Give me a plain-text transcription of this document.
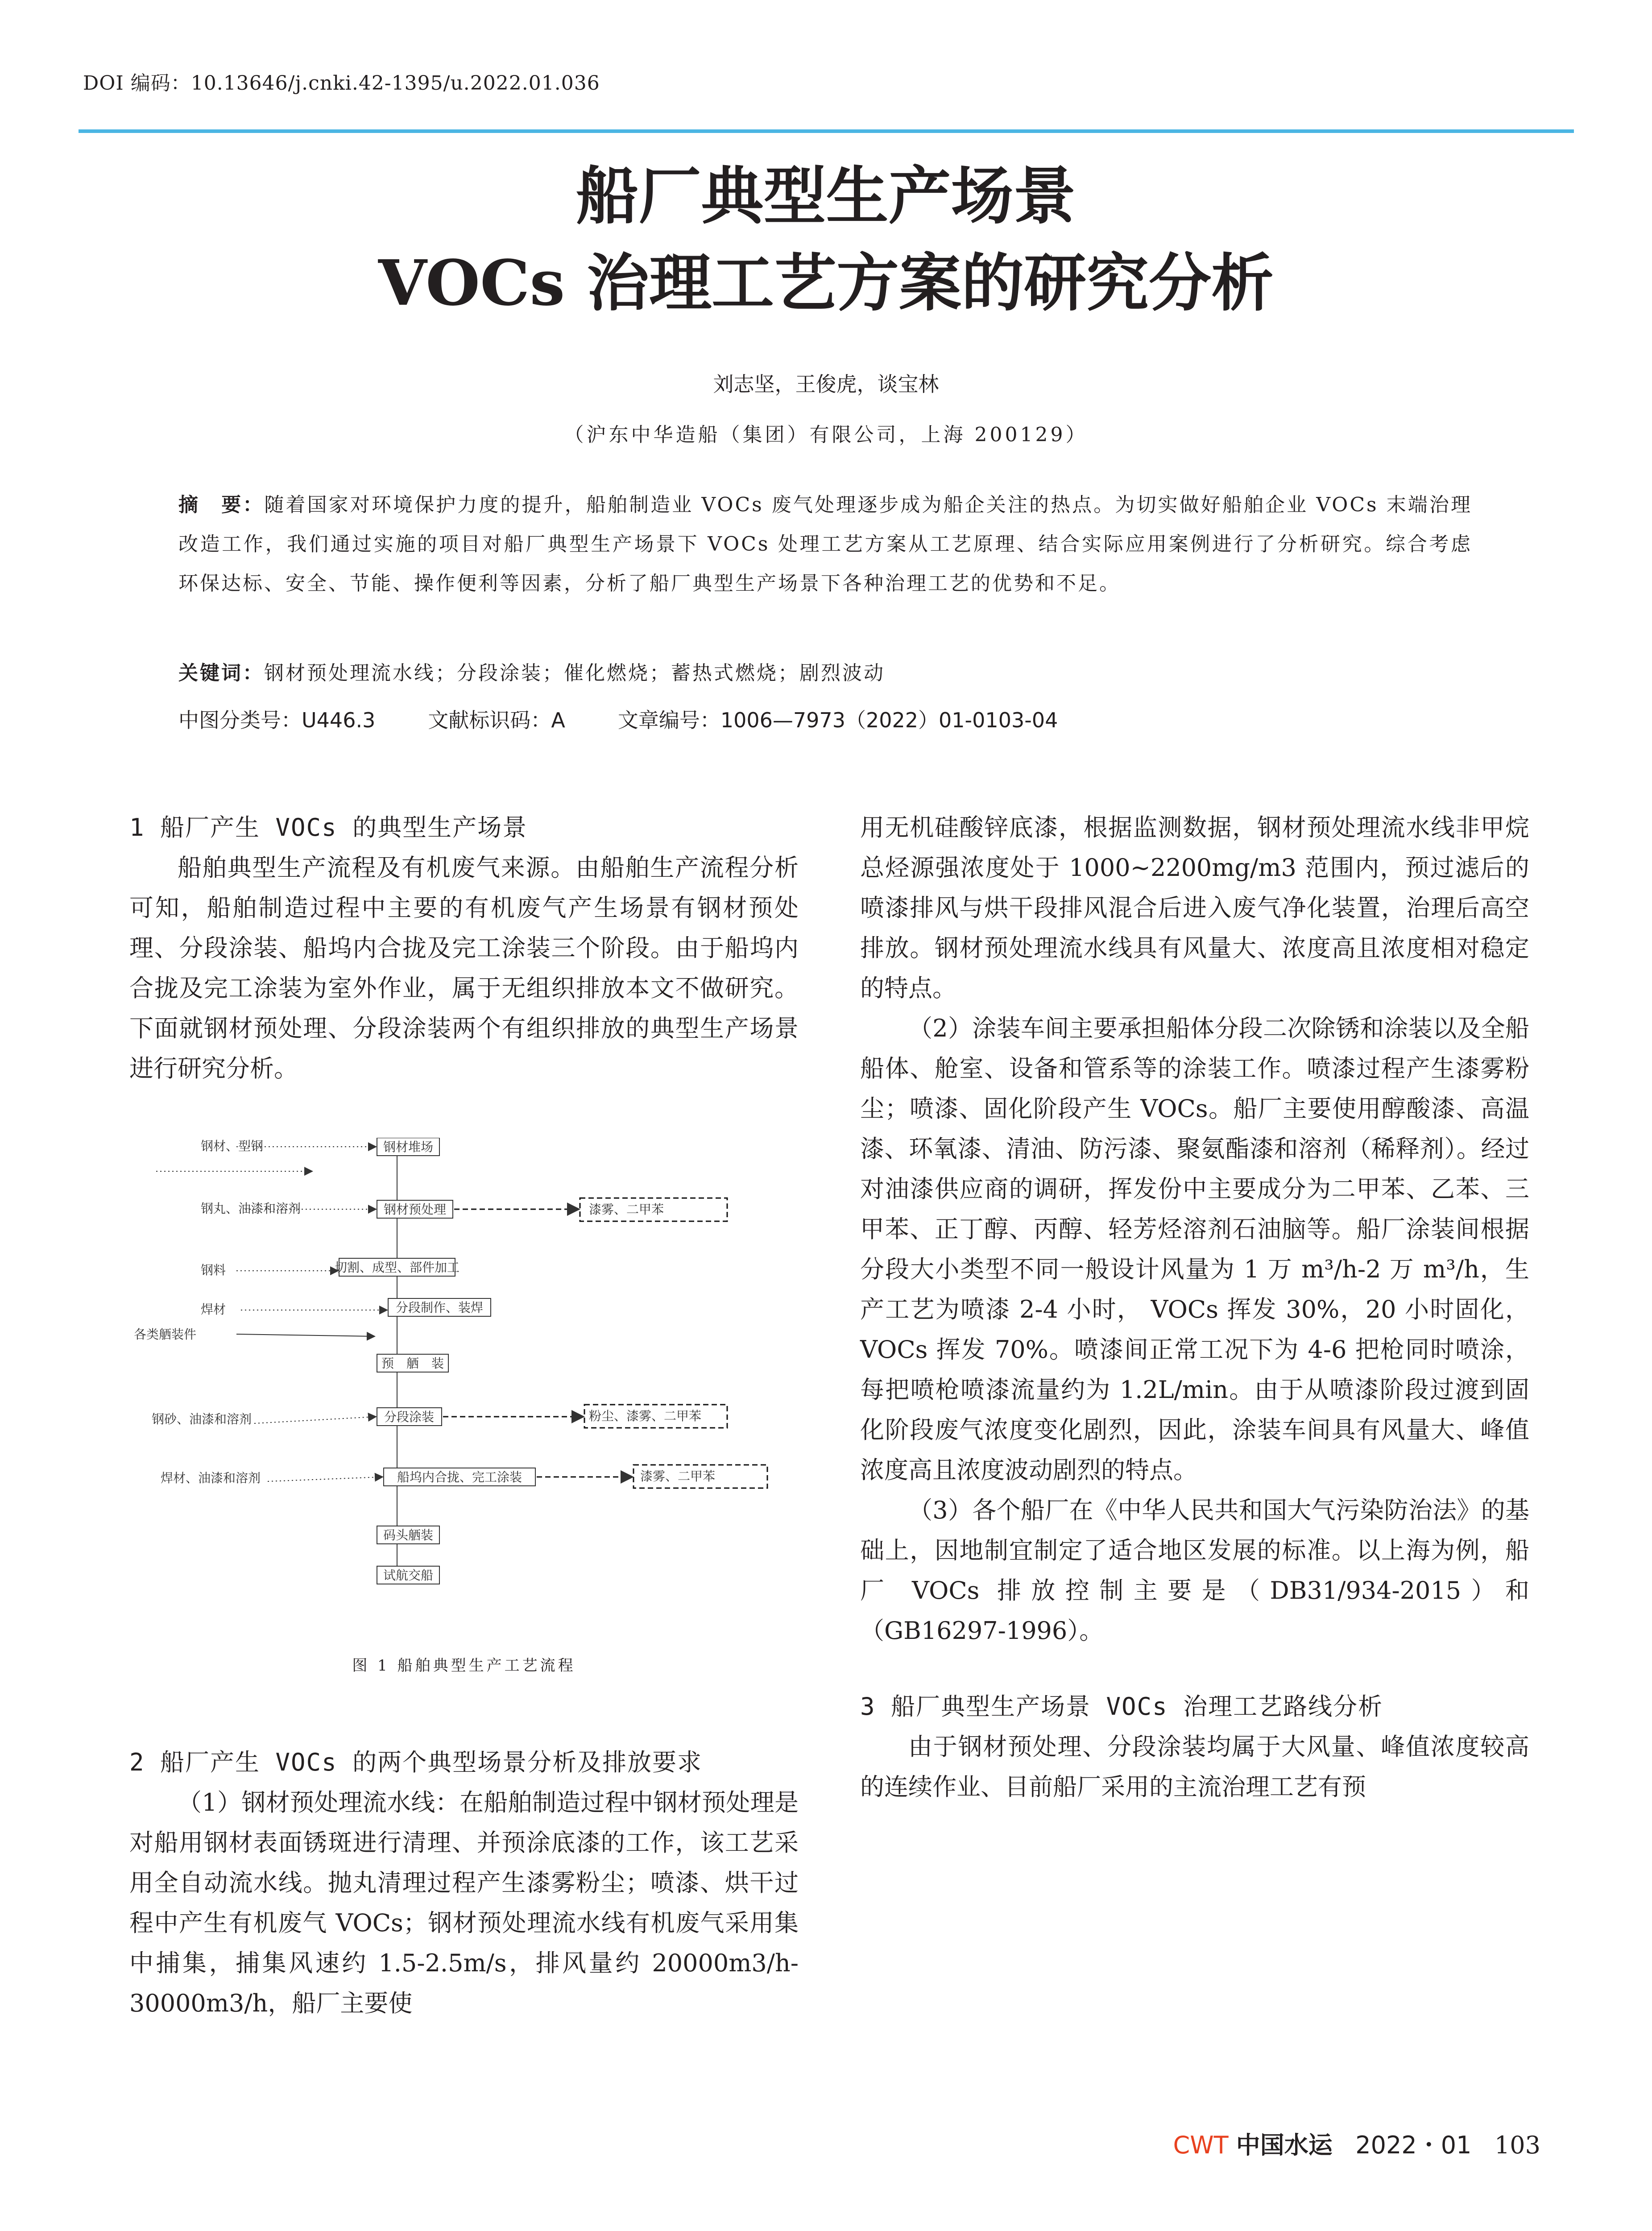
DOI 编码：10.13646/j.cnki.42-1395/u.2022.01.036
船厂典型生产场景
VOCs 治理工艺方案的研究分析
刘志坚，王俊虎，谈宝林
（沪东中华造船（集团）有限公司，上海 200129）
摘　要：随着国家对环境保护力度的提升，船舶制造业 VOCs 废气处理逐步成为船企关注的热点。为切实做好船舶企业 VOCs 末端治理改造工作，我们通过实施的项目对船厂典型生产场景下 VOCs 处理工艺方案从工艺原理、结合实际应用案例进行了分析研究。综合考虑环保达标、安全、节能、操作便利等因素，分析了船厂典型生产场景下各种治理工艺的优势和不足。
关键词：钢材预处理流水线；分段涂装；催化燃烧；蓄热式燃烧；剧烈波动
中图分类号：U446.3	文献标识码：A	文章编号：1006—7973（2022）01-0103-04
1 船厂产生 VOCs 的典型生产场景

船舶典型生产流程及有机废气来源。由船舶生产流程分析可知，船舶制造过程中主要的有机废气产生场景有钢材预处理、分段涂装、船坞内合拢及完工涂装三个阶段。由于船坞内合拢及完工涂装为室外作业，属于无组织排放本文不做研究。下面就钢材预处理、分段涂装两个有组织排放的典型生产场景进行研究分析。

钢材、型钢
钢丸、油漆和溶剂
钢料
焊材
各类舾装件
钢砂、油漆和溶剂
焊材、油漆和溶剂
钢材堆场
钢材预处理
切割、成型、部件加工
分段制作、装焊
预　舾　装
分段涂装
船坞内合拢、完工涂装
码头舾装
试航交船
漆雾、二甲苯
粉尘、漆雾、二甲苯
漆雾、二甲苯
图 1 船舶典型生产工艺流程
2 船厂产生 VOCs 的两个典型场景分析及排放要求

（1）钢材预处理流水线：在船舶制造过程中钢材预处理是对船用钢材表面锈斑进行清理、并预涂底漆的工作，该工艺采用全自动流水线。抛丸清理过程产生漆雾粉尘；喷漆、烘干过程中产生有机废气 VOCs；钢材预处理流水线有机废气采用集中捕集，捕集风速约 1.5-2.5m/s，排风量约 20000m3/h-30000m3/h，船厂主要使

用无机硅酸锌底漆，根据监测数据，钢材预处理流水线非甲烷总烃源强浓度处于 1000~2200mg/m3 范围内，预过滤后的喷漆排风与烘干段排风混合后进入废气净化装置，治理后高空排放。钢材预处理流水线具有风量大、浓度高且浓度相对稳定的特点。

（2）涂装车间主要承担船体分段二次除锈和涂装以及全船船体、舱室、设备和管系等的涂装工作。喷漆过程产生漆雾粉尘；喷漆、固化阶段产生 VOCs。船厂主要使用醇酸漆、高温漆、环氧漆、清油、防污漆、聚氨酯漆和溶剂（稀释剂）。经过对油漆供应商的调研，挥发份中主要成分为二甲苯、乙苯、三甲苯、正丁醇、丙醇、轻芳烃溶剂石油脑等。船厂涂装间根据分段大小类型不同一般设计风量为 1 万 m³/h-2 万 m³/h，生产工艺为喷漆 2-4 小时， VOCs 挥发 30%，20 小时固化，VOCs 挥发 70%。喷漆间正常工况下为 4-6 把枪同时喷涂，每把喷枪喷漆流量约为 1.2L/min。由于从喷漆阶段过渡到固化阶段废气浓度变化剧烈，因此，涂装车间具有风量大、峰值浓度高且浓度波动剧烈的特点。

（3）各个船厂在《中华人民共和国大气污染防治法》的基础上，因地制宜制定了适合地区发展的标准。以上海为例，船厂 VOCs 排放控制主要是（DB31/934-2015）和（GB16297-1996）。

3 船厂典型生产场景 VOCs 治理工艺路线分析

由于钢材预处理、分段涂装均属于大风量、峰值浓度较高的连续作业、目前船厂采用的主流治理工艺有预

CWT 中国水运 2022・01 103
